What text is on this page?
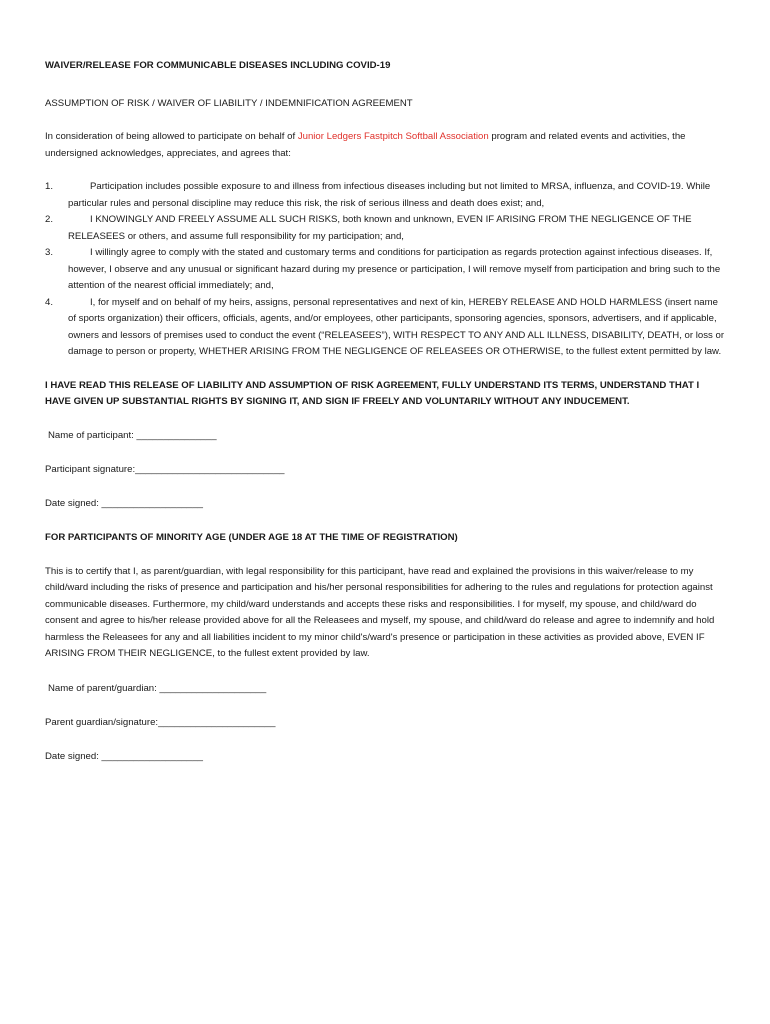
WAIVER/RELEASE FOR COMMUNICABLE DISEASES INCLUDING COVID-19
ASSUMPTION OF RISK / WAIVER OF LIABILITY / INDEMNIFICATION AGREEMENT
In consideration of being allowed to participate on behalf of Junior Ledgers Fastpitch Softball Association program and related events and activities, the undersigned acknowledges, appreciates, and agrees that:
1.	Participation includes possible exposure to and illness from infectious diseases including but not limited to MRSA, influenza, and COVID-19. While particular rules and personal discipline may reduce this risk, the risk of serious illness and death does exist; and,
2.	I KNOWINGLY AND FREELY ASSUME ALL SUCH RISKS, both known and unknown, EVEN IF ARISING FROM THE NEGLIGENCE OF THE RELEASEES or others, and assume full responsibility for my participation; and,
3.	I willingly agree to comply with the stated and customary terms and conditions for participation as regards protection against infectious diseases. If, however, I observe and any unusual or significant hazard during my presence or participation, I will remove myself from participation and bring such to the attention of the nearest official immediately; and,
4.	I, for myself and on behalf of my heirs, assigns, personal representatives and next of kin, HEREBY RELEASE AND HOLD HARMLESS (insert name of sports organization) their officers, officials, agents, and/or employees, other participants, sponsoring agencies, sponsors, advertisers, and if applicable, owners and lessors of premises used to conduct the event (“RELEASEES”), WITH RESPECT TO ANY AND ALL ILLNESS, DISABILITY, DEATH, or loss or damage to person or property, WHETHER ARISING FROM THE NEGLIGENCE OF RELEASEES OR OTHERWISE, to the fullest extent permitted by law.
I HAVE READ THIS RELEASE OF LIABILITY AND ASSUMPTION OF RISK AGREEMENT, FULLY UNDERSTAND ITS TERMS, UNDERSTAND THAT I HAVE GIVEN UP SUBSTANTIAL RIGHTS BY SIGNING IT, AND SIGN IF FREELY AND VOLUNTARILY WITHOUT ANY INDUCEMENT.
Name of participant: _______________
Participant signature:____________________________
Date signed: ___________________
FOR PARTICIPANTS OF MINORITY AGE (UNDER AGE 18 AT THE TIME OF REGISTRATION)
This is to certify that I, as parent/guardian, with legal responsibility for this participant, have read and explained the provisions in this waiver/release to my child/ward including the risks of presence and participation and his/her personal responsibilities for adhering to the rules and regulations for protection against communicable diseases. Furthermore, my child/ward understands and accepts these risks and responsibilities. I for myself, my spouse, and child/ward do consent and agree to his/her release provided above for all the Releasees and myself, my spouse, and child/ward do release and agree to indemnify and hold harmless the Releasees for any and all liabilities incident to my minor child's/ward's presence or participation in these activities as provided above, EVEN IF ARISING FROM THEIR NEGLIGENCE, to the fullest extent provided by law.
Name of parent/guardian: ____________________
Parent guardian/signature:______________________
Date signed: ___________________
